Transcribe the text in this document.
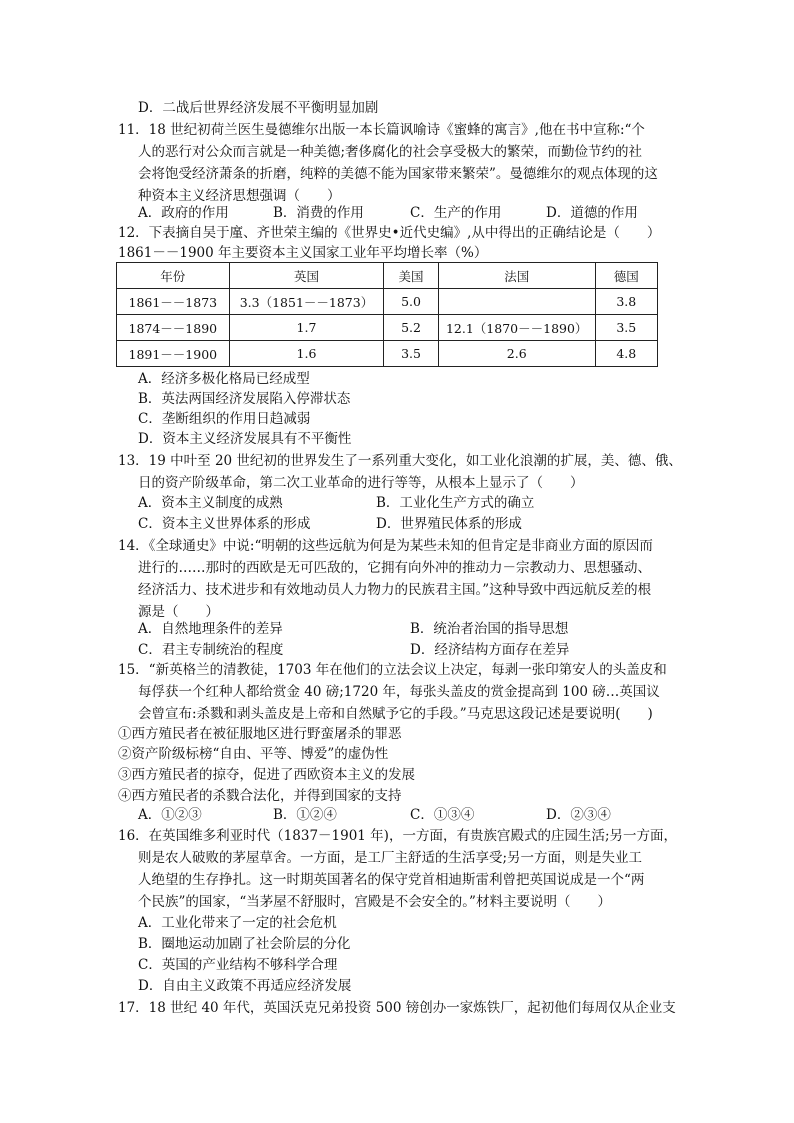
D．二战后世界经济发展不平衡明显加剧
11．18 世纪初荷兰医生曼德维尔出版一本长篇讽喻诗《蜜蜂的寓言》,他在书中宣称:“个
人的恶行对公众而言就是一种美德;奢侈腐化的社会享受极大的繁荣，而勤俭节约的社
会将饱受经济萧条的折磨，纯粹的美德不能为国家带来繁荣”。曼德维尔的观点体现的这
种资本主义经济思想强调（　　）
A．政府的作用	B．消费的作用	C．生产的作用	D．道德的作用
12．下表摘自吴于廑、齐世荣主编的《世界史•近代史编》,从中得出的正确结论是（　　）
1861－－1900 年主要资本主义国家工业年平均增长率（%）
年份	英国	美国	法国	德国
1861－－1873	3.3（1851－－1873）	5.0		3.8
1874－－1890	1.7	5.2	12.1（1870－－1890）	3.5
1891－－1900	1.6	3.5	2.6	4.8
A．经济多极化格局已经成型
B．英法两国经济发展陷入停滞状态
C．垄断组织的作用日趋减弱
D．资本主义经济发展具有不平衡性
13．19 中叶至 20 世纪初的世界发生了一系列重大变化，如工业化浪潮的扩展，美、德、俄、
日的资产阶级革命，第二次工业革命的进行等等，从根本上显示了（　　）
A．资本主义制度的成熟	B．工业化生产方式的确立
C．资本主义世界体系的形成	D．世界殖民体系的形成
14．《全球通史》中说:“明朝的这些远航为何是为某些未知的但肯定是非商业方面的原因而
进行的……那时的西欧是无可匹敌的，它拥有向外冲的推动力－宗教动力、思想骚动、
经济活力、技术进步和有效地动员人力物力的民族君主国。”这种导致中西远航反差的根
源是（　　）
A．自然地理条件的差异	B．统治者治国的指导思想
C．君主专制统治的程度	D．经济结构方面存在差异
15．“新英格兰的清教徒，1703 年在他们的立法会议上决定，每剥一张印第安人的头盖皮和
每俘获一个红种人都给赏金 40 磅;1720 年，每张头盖皮的赏金提高到 100 磅…英国议
会曾宣布:杀戮和剥头盖皮是上帝和自然赋予它的手段。”马克思这段记述是要说明(　　)
①西方殖民者在被征服地区进行野蛮屠杀的罪恶
②资产阶级标榜“自由、平等、博爱”的虚伪性
③西方殖民者的掠夺，促进了西欧资本主义的发展
④西方殖民者的杀戮合法化，并得到国家的支持
A．①②③	B．①②④	C．①③④	D．②③④
16．在英国维多利亚时代（1837－1901 年)，一方面，有贵族宫殿式的庄园生活;另一方面，
则是农人破败的茅屋草舍。一方面，是工厂主舒适的生活享受;另一方面，则是失业工
人绝望的生存挣扎。这一时期英国著名的保守党首相迪斯雷利曾把英国说成是一个“两
个民族”的国家，“当茅屋不舒服时，宫殿是不会安全的。”材料主要说明（　　）
A．工业化带来了一定的社会危机
B．圈地运动加剧了社会阶层的分化
C．英国的产业结构不够科学合理
D．自由主义政策不再适应经济发展
17．18 世纪 40 年代，英国沃克兄弟投资 500 镑创办一家炼铁厂，起初他们每周仅从企业支
